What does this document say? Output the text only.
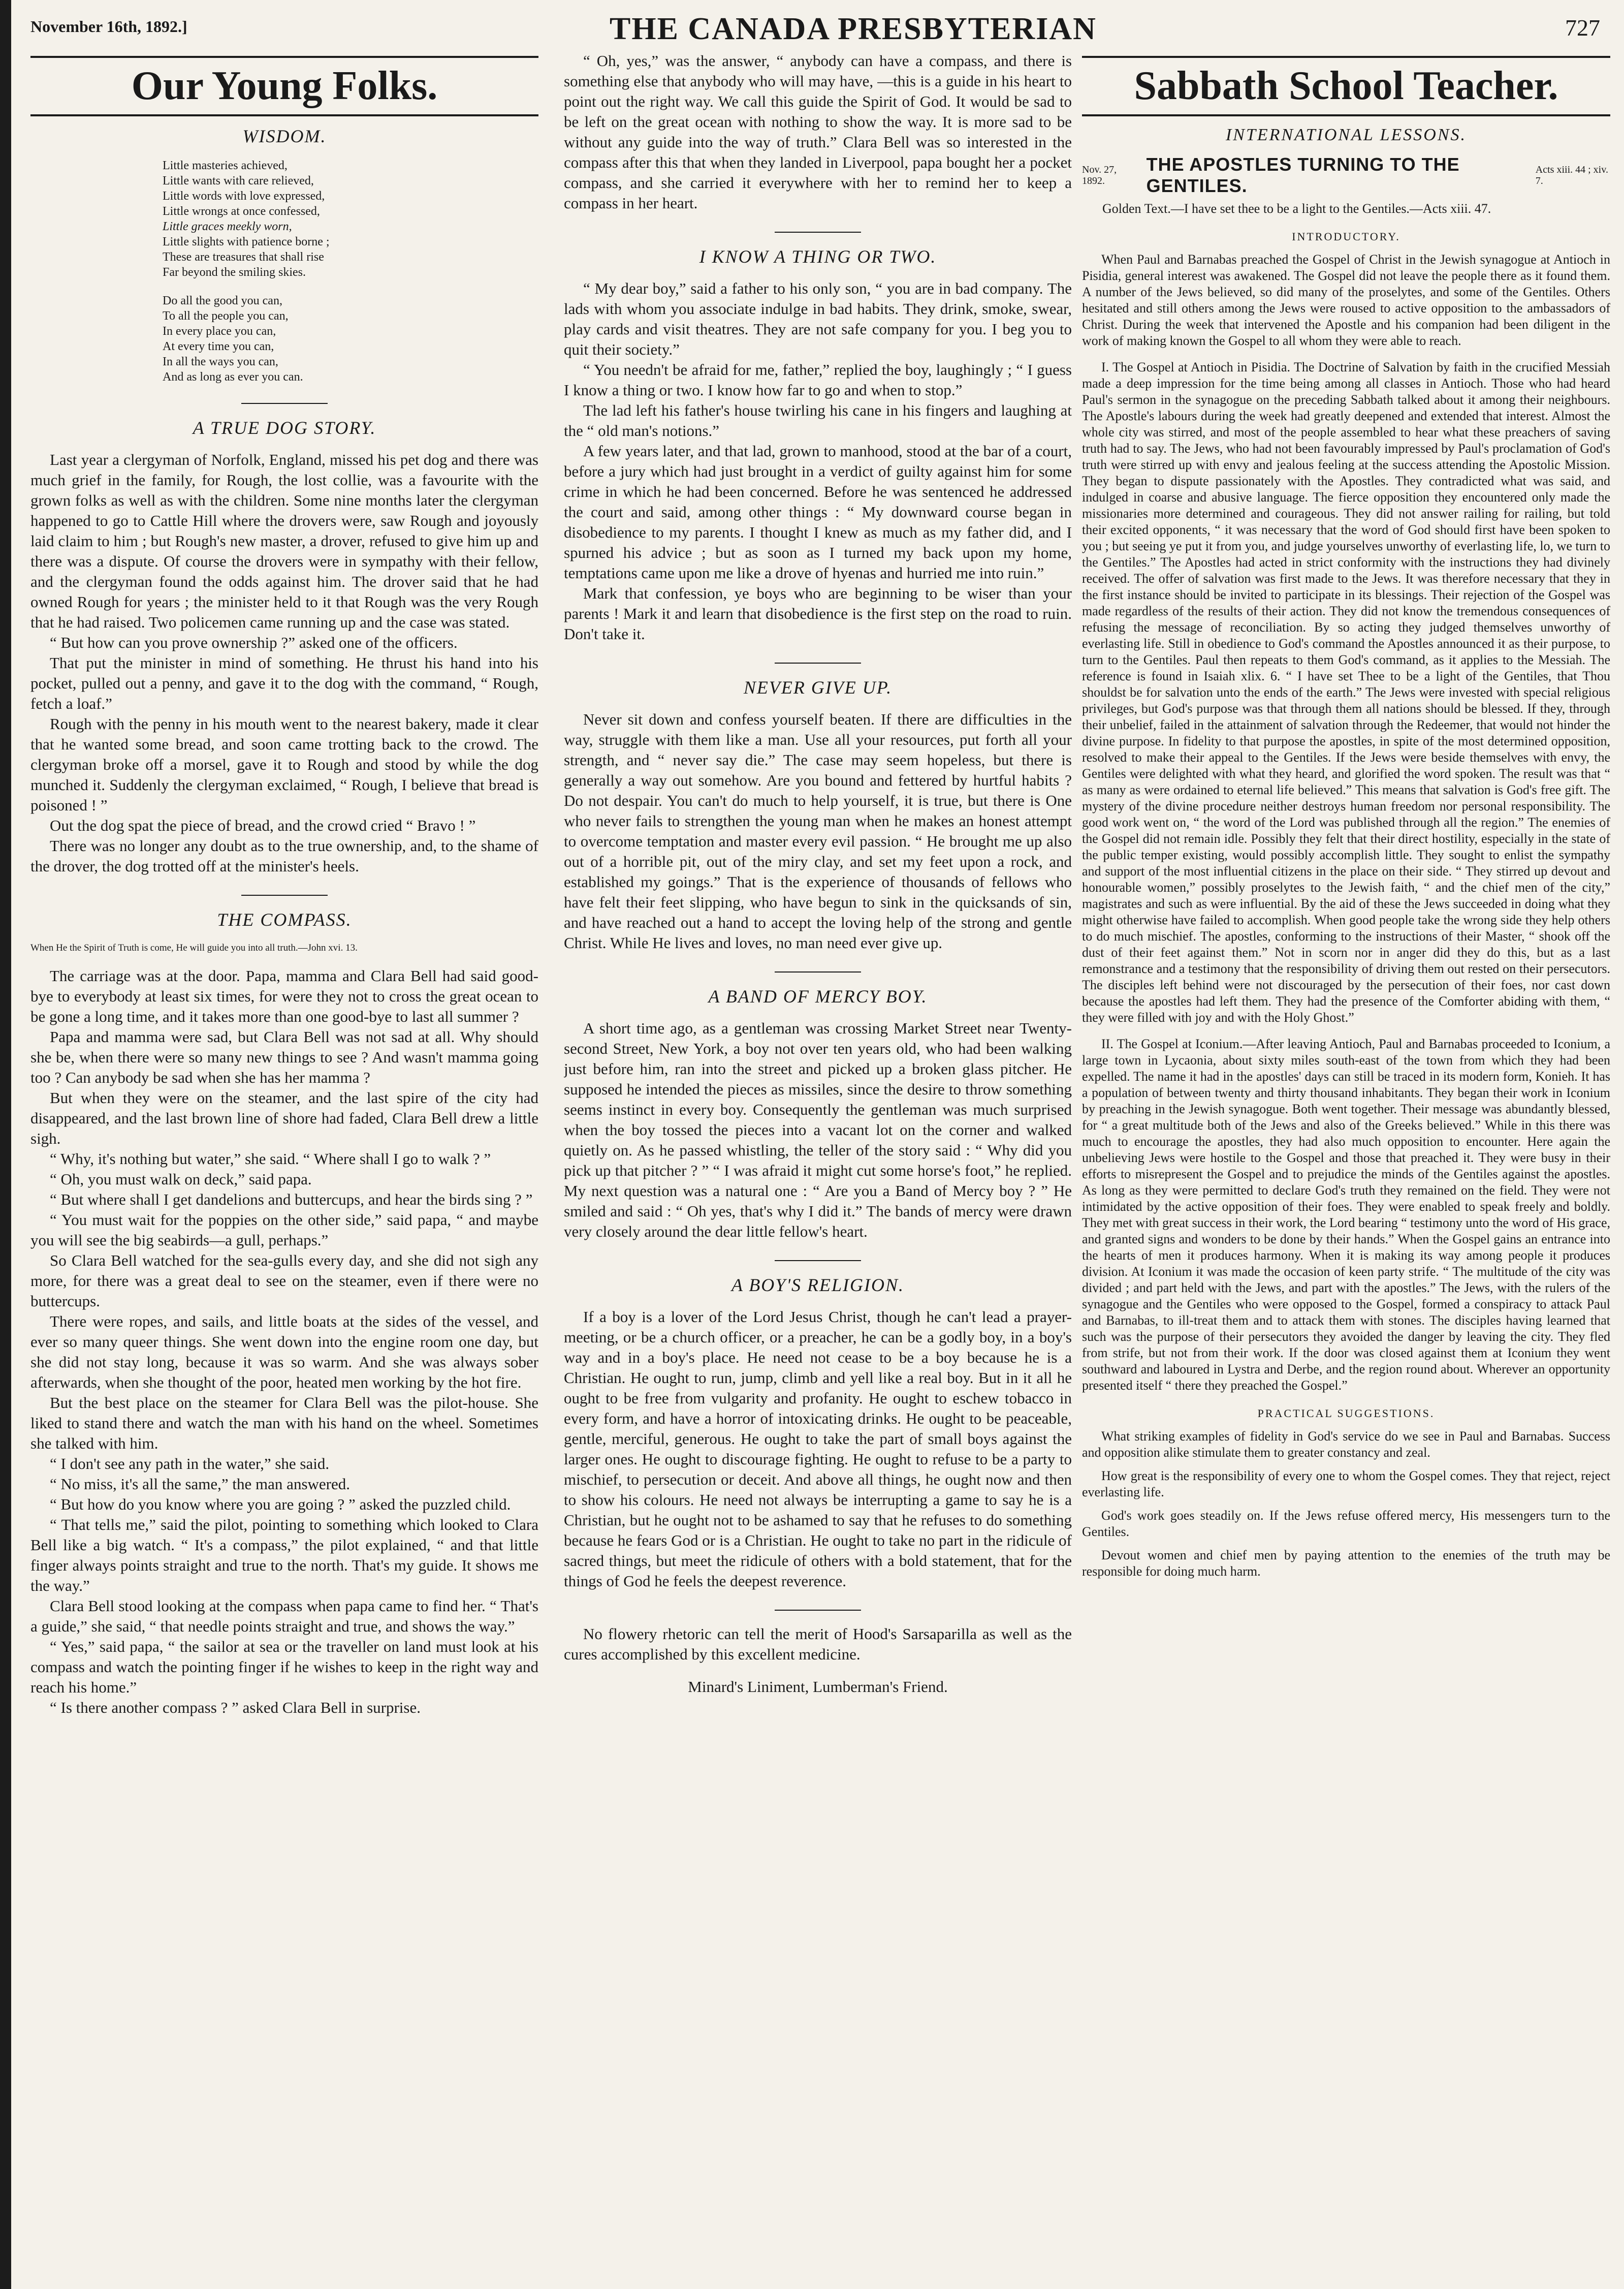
November 16th, 1892.]	THE CANADA PRESBYTERIAN	727
Our Young Folks.
WISDOM.
Little masteries achieved,
Little wants with care relieved,
Little words with love expressed,
Little wrongs at once confessed,
Little graces meekly worn,
Little slights with patience borne ;
These are treasures that shall rise
Far beyond the smiling skies.
Do all the good you can,
To all the people you can,
In every place you can,
At every time you can,
In all the ways you can,
And as long as ever you can.
A TRUE DOG STORY.

Last year a clergyman of Norfolk, England, missed his pet dog and there was much grief in the family, for Rough, the lost collie, was a favourite with the grown folks as well as with the children. Some nine months later the clergyman happened to go to Cattle Hill where the drovers were, saw Rough and joyously laid claim to him ; but Rough's new master, a drover, refused to give him up and there was a dispute. Of course the drovers were in sympathy with their fellow, and the clergyman found the odds against him. The drover said that he had owned Rough for years ; the minister held to it that Rough was the very Rough that he had raised. Two policemen came running up and the case was stated.

“ But how can you prove ownership ?” asked one of the officers.

That put the minister in mind of something. He thrust his hand into his pocket, pulled out a penny, and gave it to the dog with the command, “ Rough, fetch a loaf.”

Rough with the penny in his mouth went to the nearest bakery, made it clear that he wanted some bread, and soon came trotting back to the crowd. The clergyman broke off a morsel, gave it to Rough and stood by while the dog munched it. Suddenly the clergyman exclaimed, “ Rough, I believe that bread is poisoned ! ”

Out the dog spat the piece of bread, and the crowd cried “ Bravo ! ”

There was no longer any doubt as to the true ownership, and, to the shame of the drover, the dog trotted off at the minister's heels.

THE COMPASS.

When He the Spirit of Truth is come, He will guide you into all truth.—John xvi. 13.

The carriage was at the door. Papa, mamma and Clara Bell had said good-bye to everybody at least six times, for were they not to cross the great ocean to be gone a long time, and it takes more than one good-bye to last all summer ?

Papa and mamma were sad, but Clara Bell was not sad at all. Why should she be, when there were so many new things to see ? And wasn't mamma going too ? Can anybody be sad when she has her mamma ?

But when they were on the steamer, and the last spire of the city had disappeared, and the last brown line of shore had faded, Clara Bell drew a little sigh.

“ Why, it's nothing but water,” she said. “ Where shall I go to walk ? ”

“ Oh, you must walk on deck,” said papa.

“ But where shall I get dandelions and buttercups, and hear the birds sing ? ”

“ You must wait for the poppies on the other side,” said papa, “ and maybe you will see the big seabirds—a gull, perhaps.”

So Clara Bell watched for the sea-gulls every day, and she did not sigh any more, for there was a great deal to see on the steamer, even if there were no buttercups.

There were ropes, and sails, and little boats at the sides of the vessel, and ever so many queer things. She went down into the engine room one day, but she did not stay long, because it was so warm. And she was always sober afterwards, when she thought of the poor, heated men working by the hot fire.

But the best place on the steamer for Clara Bell was the pilot-house. She liked to stand there and watch the man with his hand on the wheel. Sometimes she talked with him.

“ I don't see any path in the water,” she said.

“ No miss, it's all the same,” the man answered.

“ But how do you know where you are going ? ” asked the puzzled child.

“ That tells me,” said the pilot, pointing to something which looked to Clara Bell like a big watch. “ It's a compass,” the pilot explained, “ and that little finger always points straight and true to the north. That's my guide. It shows me the way.”

Clara Bell stood looking at the compass when papa came to find her. “ That's a guide,” she said, “ that needle points straight and true, and shows the way.”

“ Yes,” said papa, “ the sailor at sea or the traveller on land must look at his compass and watch the pointing finger if he wishes to keep in the right way and reach his home.”

“ Is there another compass ? ” asked Clara Bell in surprise.

“ Oh, yes,” was the answer, “ anybody can have a compass, and there is something else that anybody who will may have, —this is a guide in his heart to point out the right way. We call this guide the Spirit of God. It would be sad to be left on the great ocean with nothing to show the way. It is more sad to be without any guide into the way of truth.” Clara Bell was so interested in the compass after this that when they landed in Liverpool, papa bought her a pocket compass, and she carried it everywhere with her to remind her to keep a compass in her heart.

I KNOW A THING OR TWO.

“ My dear boy,” said a father to his only son, “ you are in bad company. The lads with whom you associate indulge in bad habits. They drink, smoke, swear, play cards and visit theatres. They are not safe company for you. I beg you to quit their society.”

“ You needn't be afraid for me, father,” replied the boy, laughingly ; “ I guess I know a thing or two. I know how far to go and when to stop.”

The lad left his father's house twirling his cane in his fingers and laughing at the “ old man's notions.”

A few years later, and that lad, grown to manhood, stood at the bar of a court, before a jury which had just brought in a verdict of guilty against him for some crime in which he had been concerned. Before he was sentenced he addressed the court and said, among other things : “ My downward course began in disobedience to my parents. I thought I knew as much as my father did, and I spurned his advice ; but as soon as I turned my back upon my home, temptations came upon me like a drove of hyenas and hurried me into ruin.”

Mark that confession, ye boys who are beginning to be wiser than your parents ! Mark it and learn that disobedience is the first step on the road to ruin. Don't take it.

NEVER GIVE UP.

Never sit down and confess yourself beaten. If there are difficulties in the way, struggle with them like a man. Use all your resources, put forth all your strength, and “ never say die.” The case may seem hopeless, but there is generally a way out somehow. Are you bound and fettered by hurtful habits ? Do not despair. You can't do much to help yourself, it is true, but there is One who never fails to strengthen the young man when he makes an honest attempt to overcome temptation and master every evil passion. “ He brought me up also out of a horrible pit, out of the miry clay, and set my feet upon a rock, and established my goings.” That is the experience of thousands of fellows who have felt their feet slipping, who have begun to sink in the quicksands of sin, and have reached out a hand to accept the loving help of the strong and gentle Christ. While He lives and loves, no man need ever give up.

A BAND OF MERCY BOY.

A short time ago, as a gentleman was crossing Market Street near Twenty-second Street, New York, a boy not over ten years old, who had been walking just before him, ran into the street and picked up a broken glass pitcher. He supposed he intended the pieces as missiles, since the desire to throw something seems instinct in every boy. Consequently the gentleman was much surprised when the boy tossed the pieces into a vacant lot on the corner and walked quietly on. As he passed whistling, the teller of the story said : “ Why did you pick up that pitcher ? ” “ I was afraid it might cut some horse's foot,” he replied. My next question was a natural one : “ Are you a Band of Mercy boy ? ” He smiled and said : “ Oh yes, that's why I did it.” The bands of mercy were drawn very closely around the dear little fellow's heart.

A BOY'S RELIGION.

If a boy is a lover of the Lord Jesus Christ, though he can't lead a prayer-meeting, or be a church officer, or a preacher, he can be a godly boy, in a boy's way and in a boy's place. He need not cease to be a boy because he is a Christian. He ought to run, jump, climb and yell like a real boy. But in it all he ought to be free from vulgarity and profanity. He ought to eschew tobacco in every form, and have a horror of intoxicating drinks. He ought to be peaceable, gentle, merciful, generous. He ought to take the part of small boys against the larger ones. He ought to discourage fighting. He ought to refuse to be a party to mischief, to persecution or deceit. And above all things, he ought now and then to show his colours. He need not always be interrupting a game to say he is a Christian, but he ought not to be ashamed to say that he refuses to do something because he fears God or is a Christian. He ought to take no part in the ridicule of sacred things, but meet the ridicule of others with a bold statement, that for the things of God he feels the deepest reverence.

No flowery rhetoric can tell the merit of Hood's Sarsaparilla as well as the cures accomplished by this excellent medicine.

Minard's Liniment, Lumberman's Friend.

Sabbath School Teacher.
INTERNATIONAL LESSONS.
Nov. 27, 1892.
THE APOSTLES TURNING TO THE GENTILES.
Acts xiii. 44 ; xiv. 7.

Golden Text.—I have set thee to be a light to the Gentiles.—Acts xiii. 47.

INTRODUCTORY.

When Paul and Barnabas preached the Gospel of Christ in the Jewish synagogue at Antioch in Pisidia, general interest was awakened. The Gospel did not leave the people there as it found them. A number of the Jews believed, so did many of the proselytes, and some of the Gentiles. Others hesitated and still others among the Jews were roused to active opposition to the ambassadors of Christ. During the week that intervened the Apostle and his companion had been diligent in the work of making known the Gospel to all whom they were able to reach.

I. The Gospel at Antioch in Pisidia. The Doctrine of Salvation by faith in the crucified Messiah made a deep impression for the time being among all classes in Antioch. Those who had heard Paul's sermon in the synagogue on the preceding Sabbath talked about it among their neighbours. The Apostle's labours during the week had greatly deepened and extended that interest. Almost the whole city was stirred, and most of the people assembled to hear what these preachers of saving truth had to say. The Jews, who had not been favourably impressed by Paul's proclamation of God's truth were stirred up with envy and jealous feeling at the success attending the Apostolic Mission. They began to dispute passionately with the Apostles. They contradicted what was said, and indulged in coarse and abusive language. The fierce opposition they encountered only made the missionaries more determined and courageous. They did not answer railing for railing, but told their excited opponents, “ it was necessary that the word of God should first have been spoken to you ; but seeing ye put it from you, and judge yourselves unworthy of everlasting life, lo, we turn to the Gentiles.” The Apostles had acted in strict conformity with the instructions they had divinely received. The offer of salvation was first made to the Jews. It was therefore necessary that they in the first instance should be invited to participate in its blessings. Their rejection of the Gospel was made regardless of the results of their action. They did not know the tremendous consequences of refusing the message of reconciliation. By so acting they judged themselves unworthy of everlasting life. Still in obedience to God's command the Apostles announced it as their purpose, to turn to the Gentiles. Paul then repeats to them God's command, as it applies to the Messiah. The reference is found in Isaiah xlix. 6. “ I have set Thee to be a light of the Gentiles, that Thou shouldst be for salvation unto the ends of the earth.” The Jews were invested with special religious privileges, but God's purpose was that through them all nations should be blessed. If they, through their unbelief, failed in the attainment of salvation through the Redeemer, that would not hinder the divine purpose. In fidelity to that purpose the apostles, in spite of the most determined opposition, resolved to make their appeal to the Gentiles. If the Jews were beside themselves with envy, the Gentiles were delighted with what they heard, and glorified the word spoken. The result was that “ as many as were ordained to eternal life believed.” This means that salvation is God's free gift. The mystery of the divine procedure neither destroys human freedom nor personal responsibility. The good work went on, “ the word of the Lord was published through all the region.” The enemies of the Gospel did not remain idle. Possibly they felt that their direct hostility, especially in the state of the public temper existing, would possibly accomplish little. They sought to enlist the sympathy and support of the most influential citizens in the place on their side. “ They stirred up devout and honourable women,” possibly proselytes to the Jewish faith, “ and the chief men of the city,” magistrates and such as were influential. By the aid of these the Jews succeeded in doing what they might otherwise have failed to accomplish. When good people take the wrong side they help others to do much mischief. The apostles, conforming to the instructions of their Master, “ shook off the dust of their feet against them.” Not in scorn nor in anger did they do this, but as a last remonstrance and a testimony that the responsibility of driving them out rested on their persecutors. The disciples left behind were not discouraged by the persecution of their foes, nor cast down because the apostles had left them. They had the presence of the Comforter abiding with them, “ they were filled with joy and with the Holy Ghost.”

II. The Gospel at Iconium.—After leaving Antioch, Paul and Barnabas proceeded to Iconium, a large town in Lycaonia, about sixty miles south-east of the town from which they had been expelled. The name it had in the apostles' days can still be traced in its modern form, Konieh. It has a population of between twenty and thirty thousand inhabitants. They began their work in Iconium by preaching in the Jewish synagogue. Both went together. Their message was abundantly blessed, for “ a great multitude both of the Jews and also of the Greeks believed.” While in this there was much to encourage the apostles, they had also much opposition to encounter. Here again the unbelieving Jews were hostile to the Gospel and those that preached it. They were busy in their efforts to misrepresent the Gospel and to prejudice the minds of the Gentiles against the apostles. As long as they were permitted to declare God's truth they remained on the field. They were not intimidated by the active opposition of their foes. They were enabled to speak freely and boldly. They met with great success in their work, the Lord bearing “ testimony unto the word of His grace, and granted signs and wonders to be done by their hands.” When the Gospel gains an entrance into the hearts of men it produces harmony. When it is making its way among people it produces division. At Iconium it was made the occasion of keen party strife. “ The multitude of the city was divided ; and part held with the Jews, and part with the apostles.” The Jews, with the rulers of the synagogue and the Gentiles who were opposed to the Gospel, formed a conspiracy to attack Paul and Barnabas, to ill-treat them and to attack them with stones. The disciples having learned that such was the purpose of their persecutors they avoided the danger by leaving the city. They fled from strife, but not from their work. If the door was closed against them at Iconium they went southward and laboured in Lystra and Derbe, and the region round about. Wherever an opportunity presented itself “ there they preached the Gospel.”

PRACTICAL SUGGESTIONS.

What striking examples of fidelity in God's service do we see in Paul and Barnabas. Success and opposition alike stimulate them to greater constancy and zeal.

How great is the responsibility of every one to whom the Gospel comes. They that reject, reject everlasting life.

God's work goes steadily on. If the Jews refuse offered mercy, His messengers turn to the Gentiles.

Devout women and chief men by paying attention to the enemies of the truth may be responsible for doing much harm.
